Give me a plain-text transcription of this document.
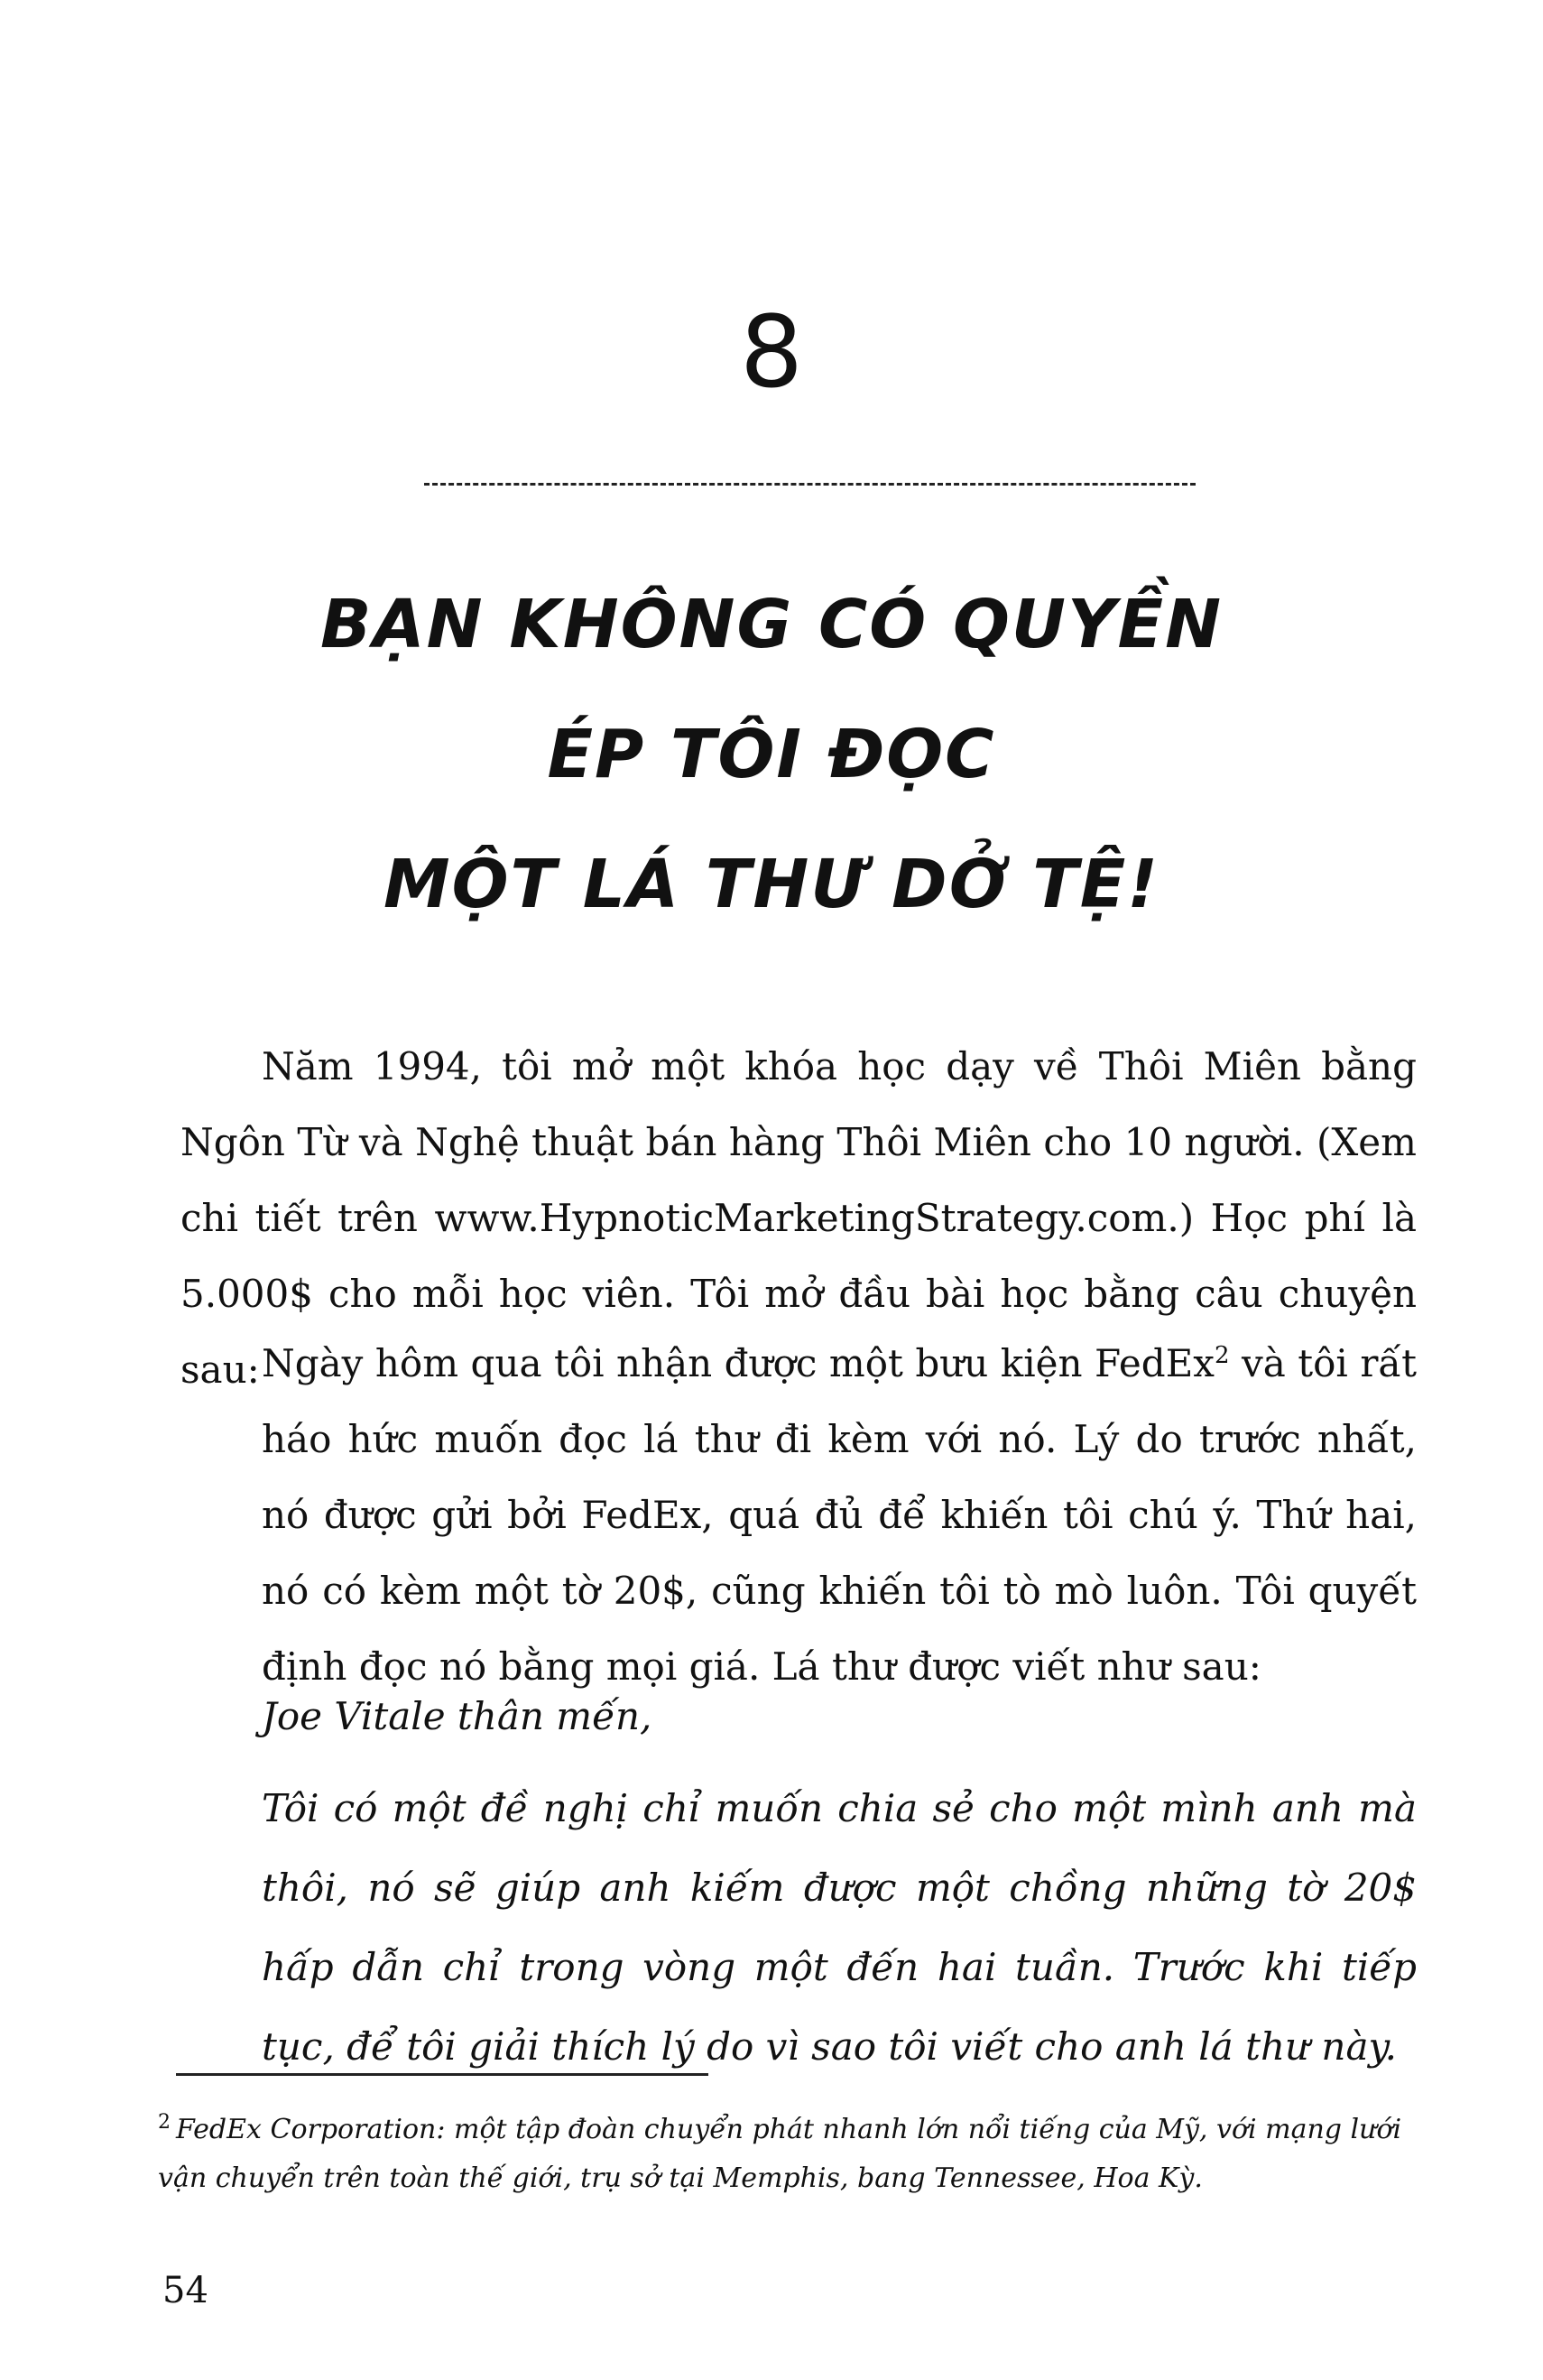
8
BẠN KHÔNG CÓ QUYỀN
ÉP TÔI ĐỌC
MỘT LÁ THƯ DỞ TỆ!
Năm 1994, tôi mở một khóa học dạy về Thôi Miên bằng Ngôn Từ và Nghệ thuật bán hàng Thôi Miên cho 10 người. (Xem chi tiết trên www.HypnoticMarketingStrategy.com.) Học phí là 5.000$ cho mỗi học viên. Tôi mở đầu bài học bằng câu chuyện sau: Ngày hôm qua tôi nhận được một bưu kiện FedEx$^2$ và tôi rất háo hức muốn đọc lá thư đi kèm với nó. Lý do trước nhất, nó được gửi bởi FedEx, quá đủ để khiến tôi chú ý. Thứ hai, nó có kèm một tờ 20$, cũng khiến tôi tò mò luôn. Tôi quyết định đọc nó bằng mọi giá. Lá thư được viết như sau:
Joe Vitale thân mến,
Tôi có một đề nghị chỉ muốn chia sẻ cho một mình anh mà thôi, nó sẽ giúp anh kiếm được một chồng những tờ 20$ hấp dẫn chỉ trong vòng một đến hai tuần. Trước khi tiếp tục, để tôi giải thích lý do vì sao tôi viết cho anh lá thư này.
$^2$ FedEx Corporation: một tập đoàn chuyển phát nhanh lớn nổi tiếng của Mỹ, với mạng lưới vận chuyển trên toàn thế giới, trụ sở tại Memphis, bang Tennessee, Hoa Kỳ.
54
